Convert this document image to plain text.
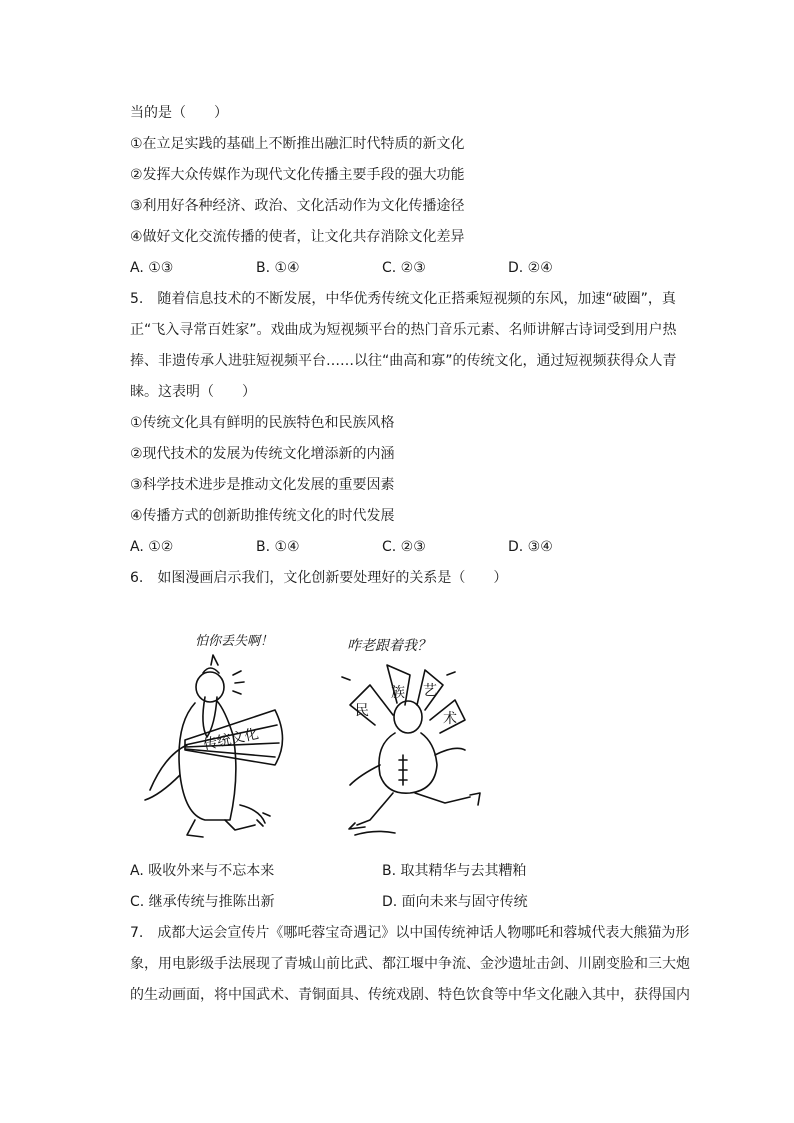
当的是（　　）
①在立足实践的基础上不断推出融汇时代特质的新文化
②发挥大众传媒作为现代文化传播主要手段的强大功能
③利用好各种经济、政治、文化活动作为文化传播途径
④做好文化交流传播的使者，让文化共存消除文化差异
A. ①③	B. ①④	C. ②③	D. ②④
5.　随着信息技术的不断发展，中华优秀传统文化正搭乘短视频的东风，加速“破圈”，真
正“飞入寻常百姓家”。戏曲成为短视频平台的热门音乐元素、名师讲解古诗词受到用户热
捧、非遗传承人进驻短视频平台……以往“曲高和寡”的传统文化，通过短视频获得众人青
睐。这表明（　　）
①传统文化具有鲜明的民族特色和民族风格
②现代技术的发展为传统文化增添新的内涵
③科学技术进步是推动文化发展的重要因素
④传播方式的创新助推传统文化的时代发展
A. ①②	B. ①④	C. ②③	D. ③④
6.　如图漫画启示我们，文化创新要处理好的关系是（　　）
怕你丢失啊！
传统文化
咋老跟着我？
民
族 艺
术
A. 吸收外来与不忘本来	B. 取其精华与去其糟粕
C. 继承传统与推陈出新	D. 面向未来与固守传统
7.　成都大运会宣传片《哪吒蓉宝奇遇记》以中国传统神话人物哪吒和蓉城代表大熊猫为形
象，用电影级手法展现了青城山前比武、都江堰中争流、金沙遗址击剑、川剧变脸和三大炮
的生动画面，将中国武术、青铜面具、传统戏剧、特色饮食等中华文化融入其中，获得国内
